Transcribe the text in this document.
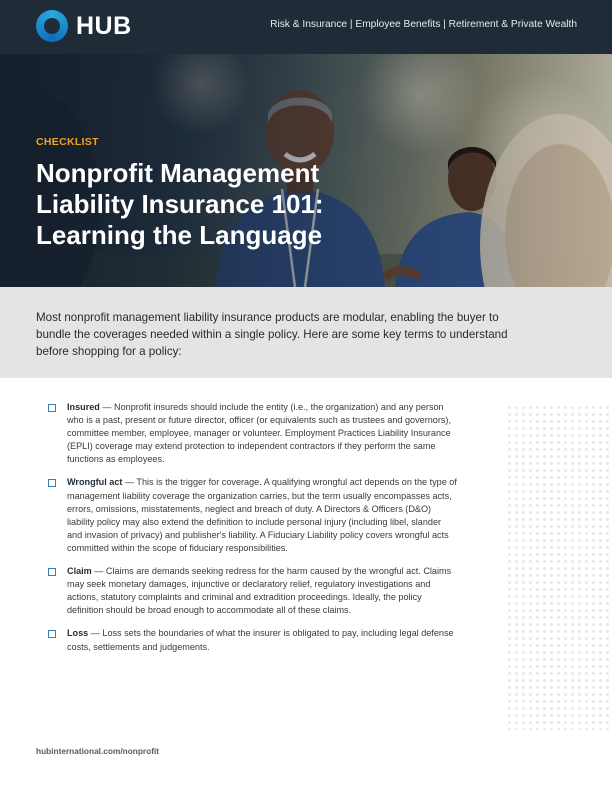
HUB	Risk & Insurance | Employee Benefits | Retirement & Private Wealth
CHECKLIST
Nonprofit Management
Liability Insurance 101:
Learning the Language

Most nonprofit management liability insurance products are modular, enabling the buyer to bundle the coverages needed within a single policy. Here are some key terms to understand before shopping for a policy:

Insured — Nonprofit insureds should include the entity (i.e., the organization) and any person who is a past, present or future director, officer (or equivalents such as trustees and governors), committee member, employee, manager or volunteer. Employment Practices Liability Insurance (EPLI) coverage may extend protection to independent contractors if they perform the same functions as employees.
Wrongful act — This is the trigger for coverage. A qualifying wrongful act depends on the type of management liability coverage the organization carries, but the term usually encompasses acts, errors, omissions, misstatements, neglect and breach of duty. A Directors & Officers (D&O) liability policy may also extend the definition to include personal injury (including libel, slander and invasion of privacy) and publisher's liability. A Fiduciary Liability policy covers wrongful acts committed within the scope of fiduciary responsibilities.
Claim — Claims are demands seeking redress for the harm caused by the wrongful act. Claims may seek monetary damages, injunctive or declaratory relief, regulatory investigations and actions, statutory complaints and criminal and extradition proceedings. Ideally, the policy definition should be broad enough to accommodate all of these claims.
Loss — Loss sets the boundaries of what the insurer is obligated to pay, including legal defense costs, settlements and judgements.
hubinternational.com/nonprofit
